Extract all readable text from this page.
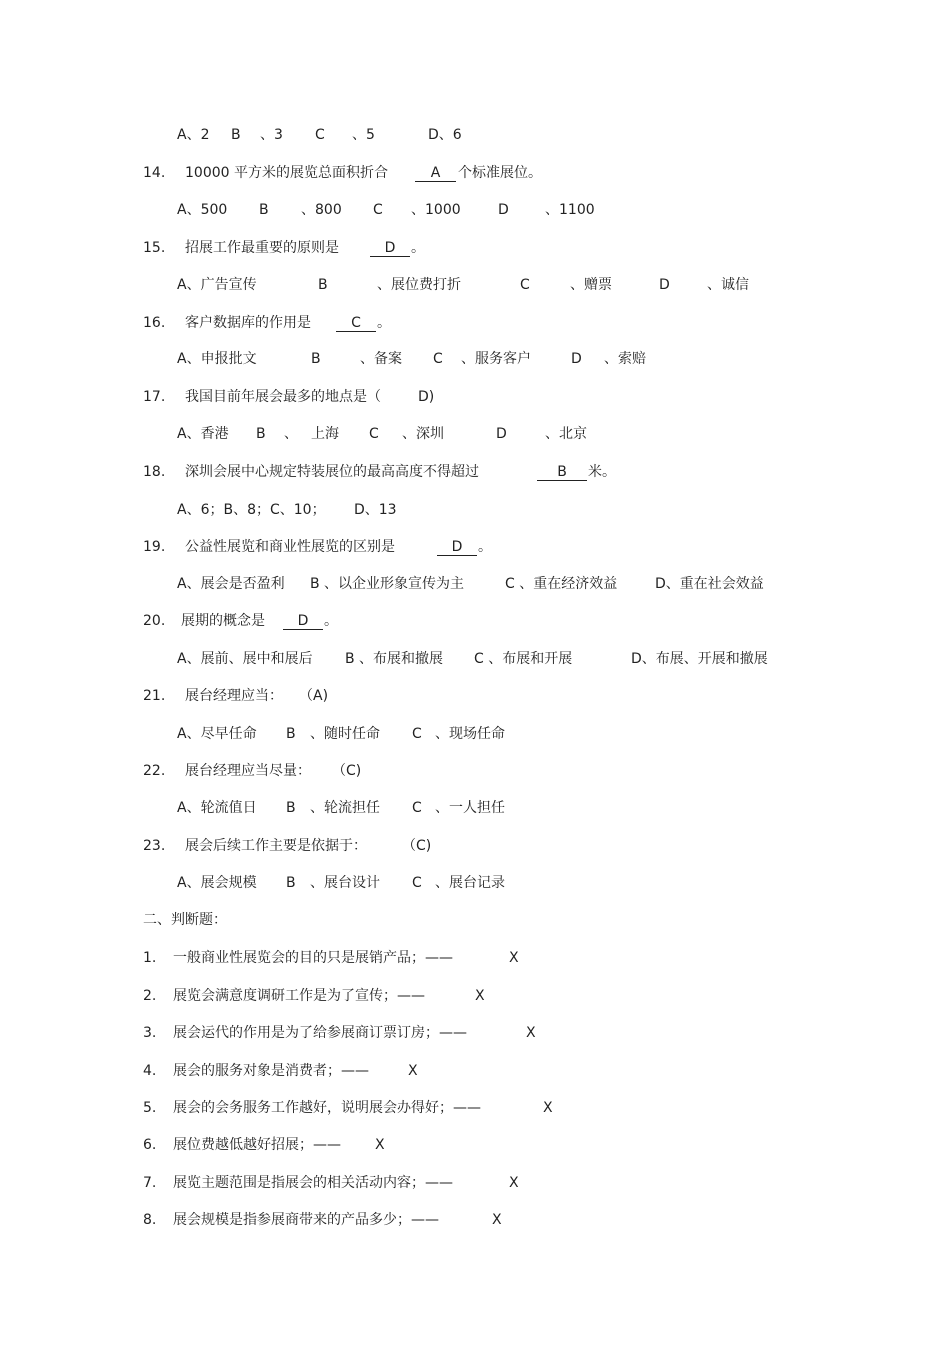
A、2 B 、3 C 、5	D、6
14. 10000 平方米的展览总面积折合	A	个标准展位。
A、500 B 、800 C 、1000	D	、1100
15. 招展工作最重要的原则是	D	。
A、广告宣传	B	、展位费打折	C	、赠票	D	、诚信
16. 客户数据库的作用是	C	。
A、申报批文	B	、备案 C 、服务客户	D 、索赔
17. 我国目前年展会最多的地点是（	D)
A、香港 B 、 上海 C 、深圳	D	、北京
18. 深圳会展中心规定特装展位的最高高度不得超过	B	米。
A、6；B、8；C、10； D、13
19. 公益性展览和商业性展览的区别是	D	。
A、展会是否盈利 B 、以企业形象宣传为主	C 、重在经济效益	D、重在社会效益
20. 展期的概念是	D	。
A、展前、展中和展后 B 、布展和撤展 C 、布展和开展	D、布展、开展和撤展
21. 展台经理应当： （A)
A、尽早任命 B 、随时任命 C 、现场任命
22. 展台经理应当尽量： （C)
A、轮流值日 B 、轮流担任 C 、一人担任
23. 展会后续工作主要是依据于：	（C)
A、展会规模 B 、展台设计 C 、展台记录
二、判断题：
1. 一般商业性展览会的目的只是展销产品；——	X
2. 展览会满意度调研工作是为了宣传；——	X
3. 展会运代的作用是为了给参展商订票订房；——	X
4. 展会的服务对象是消费者；——	X
5. 展会的会务服务工作越好，说明展会办得好；——	X
6. 展位费越低越好招展；—— X
7. 展览主题范围是指展会的相关活动内容；——	X
8. 展会规模是指参展商带来的产品多少；——	X
